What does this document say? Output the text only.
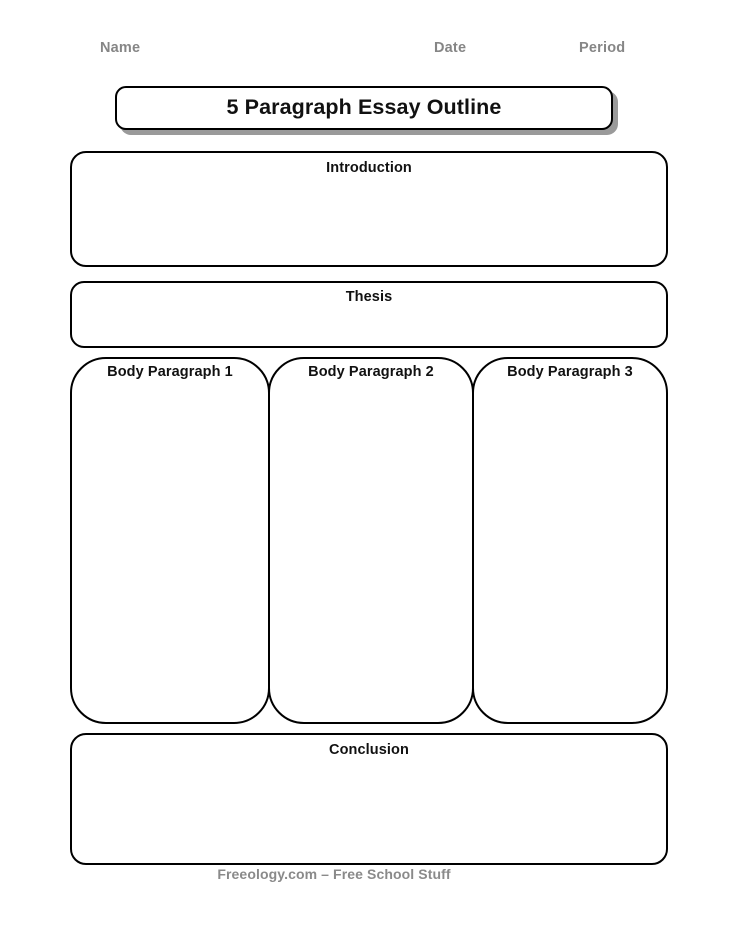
Name	Date	Period
5 Paragraph Essay Outline
Introduction
Thesis
Body Paragraph 1	Body Paragraph 2	Body Paragraph 3
Conclusion
Freeology.com – Free School Stuff
